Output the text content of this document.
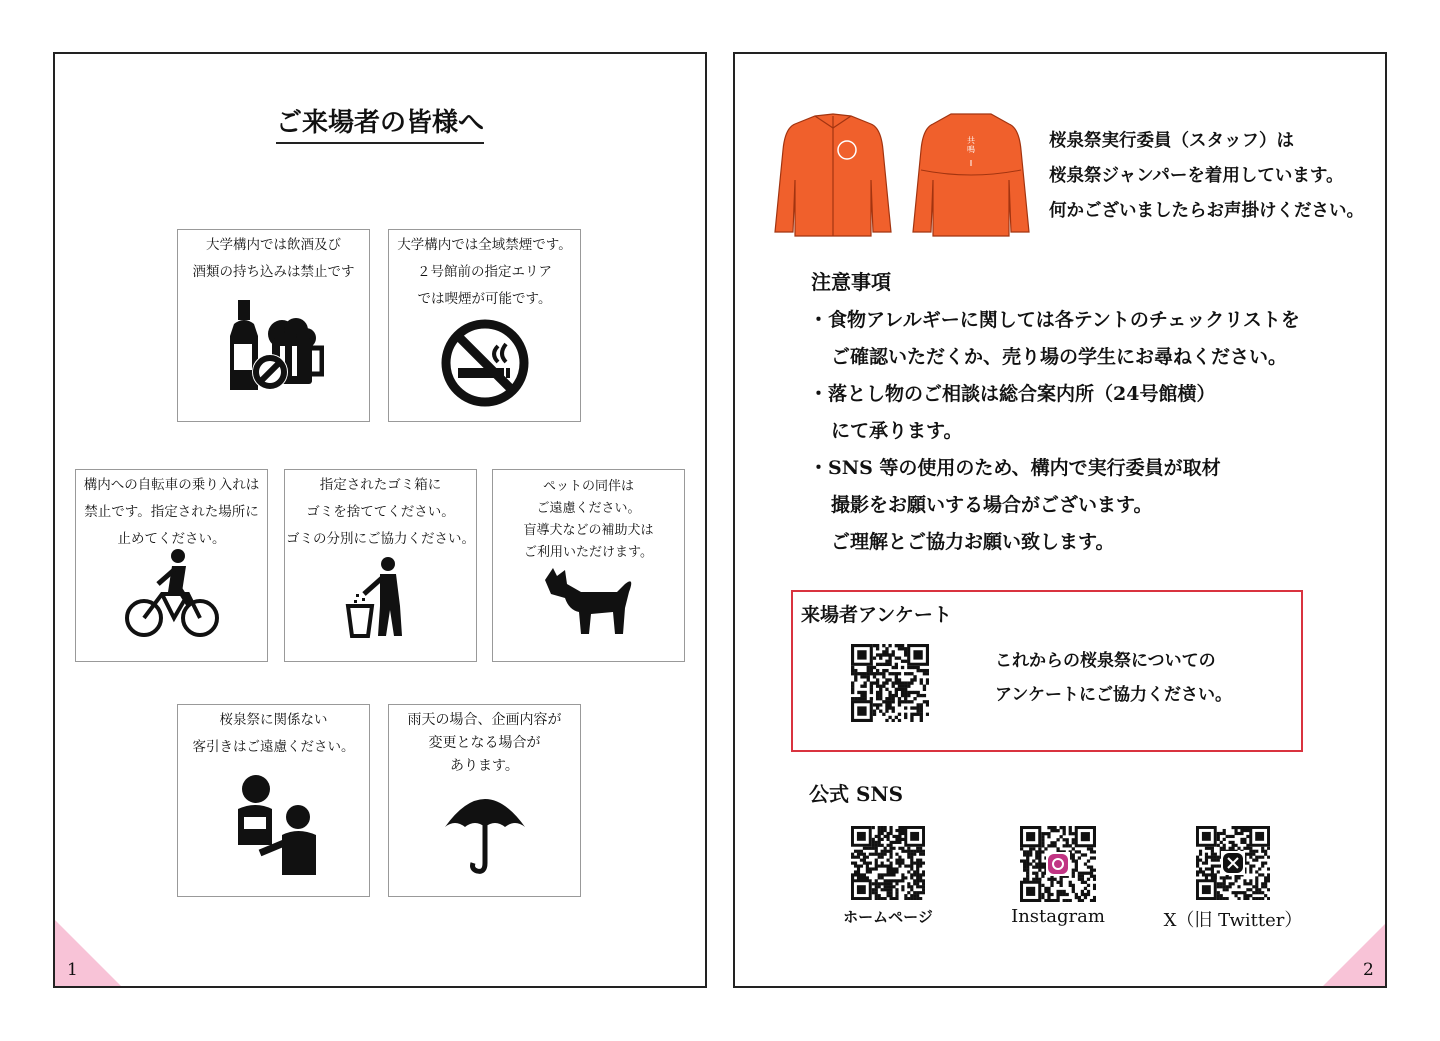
ご来場者の皆様へ
大学構内では飲酒及び
酒類の持ち込みは禁止です
大学構内では全域禁煙です。
２号館前の指定エリア
では喫煙が可能です。
構内への自転車の乗り入れは
禁止です。指定された場所に
止めてください。
指定されたゴミ箱に
ゴミを捨ててください。
ゴミの分別にご協力ください。
ペットの同伴は
ご遠慮ください。
盲導犬などの補助犬は
ご利用いただけます。
桜泉祭に関係ない
客引きはご遠慮ください。
雨天の場合、企画内容が
変更となる場合が
あります。
1
共鳴	桜泉祭実行委員（スタッフ）は
桜泉祭ジャンパーを着用しています。
何かございましたらお声掛けください。
注意事項
・食物アレルギーに関しては各テントのチェックリストを
ご確認いただくか、売り場の学生にお尋ねください。
・落とし物のご相談は総合案内所（24号館横）
にて承ります。
・SNS 等の使用のため、構内で実行委員が取材
撮影をお願いする場合がございます。
ご理解とご協力お願い致します。
来場者アンケート
これからの桜泉祭についての
アンケートにご協力ください。
公式 SNS
ホームページ	Instagram	X（旧 Twitter）
2
